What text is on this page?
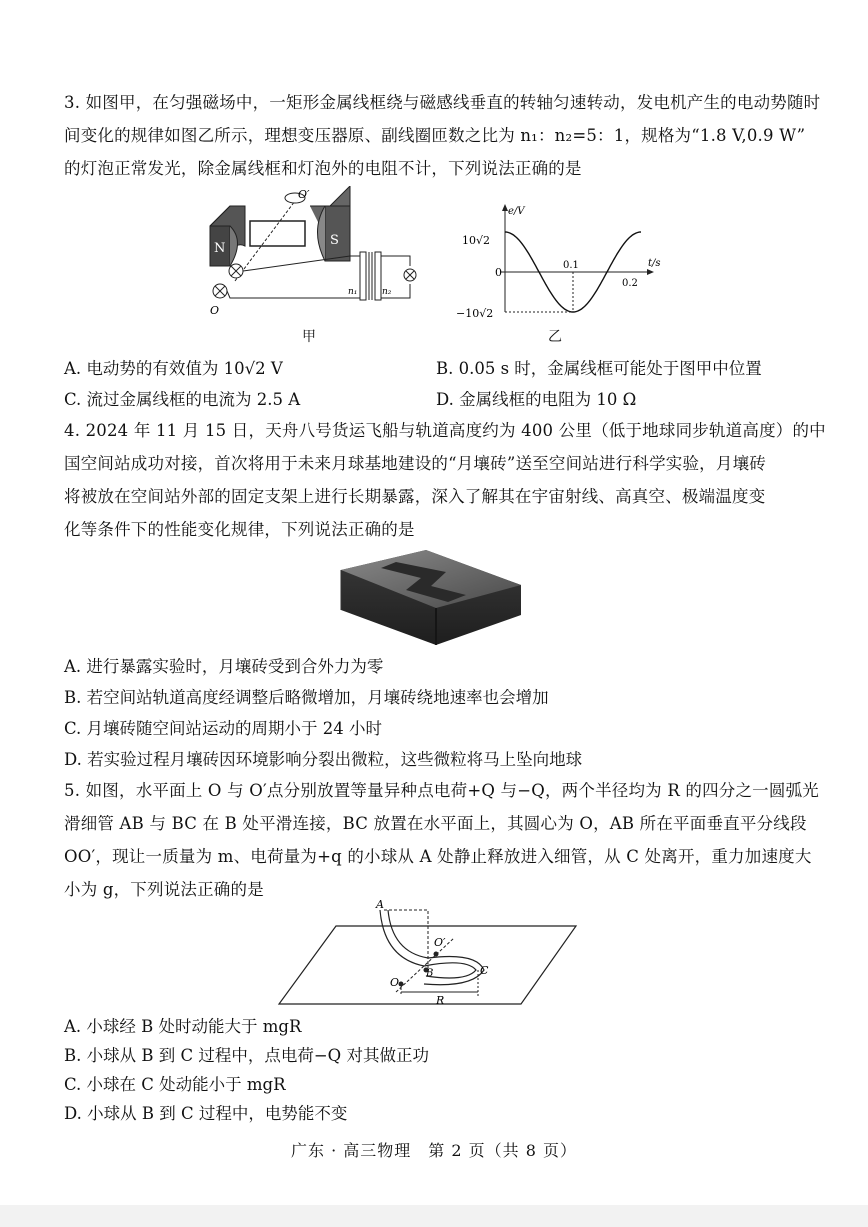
3. 如图甲，在匀强磁场中，一矩形金属线框绕与磁感线垂直的转轴匀速转动，发电机产生的电动势随时
间变化的规律如图乙所示，理想变压器原、副线圈匝数之比为 n₁：n₂=5：1，规格为“1.8 V,0.9 W”
的灯泡正常发光，除金属线框和灯泡外的电阻不计，下列说法正确的是
N
S
O′
O
n₁	n₂
甲
e/V
t/s
10√2
−10√2
0
0.1
0.2
乙
A. 电动势的有效值为 10√2 V	B. 0.05 s 时，金属线框可能处于图甲中位置
C. 流过金属线框的电流为 2.5 A	D. 金属线框的电阻为 10 Ω
4. 2024 年 11 月 15 日，天舟八号货运飞船与轨道高度约为 400 公里（低于地球同步轨道高度）的中
国空间站成功对接，首次将用于未来月球基地建设的“月壤砖”送至空间站进行科学实验，月壤砖
将被放在空间站外部的固定支架上进行长期暴露，深入了解其在宇宙射线、高真空、极端温度变
化等条件下的性能变化规律，下列说法正确的是
A. 进行暴露实验时，月壤砖受到合外力为零
B. 若空间站轨道高度经调整后略微增加，月壤砖绕地速率也会增加
C. 月壤砖随空间站运动的周期小于 24 小时
D. 若实验过程月壤砖因环境影响分裂出微粒，这些微粒将马上坠向地球
5. 如图，水平面上 O 与 O′点分别放置等量异种点电荷+Q 与−Q，两个半径均为 R 的四分之一圆弧光
滑细管 AB 与 BC 在 B 处平滑连接，BC 放置在水平面上，其圆心为 O，AB 所在平面垂直平分线段
OO′，现让一质量为 m、电荷量为+q 的小球从 A 处静止释放进入细管，从 C 处离开，重力加速度大
小为 g，下列说法正确的是
A
B	C
O
O′
R
A. 小球经 B 处时动能大于 mgR
B. 小球从 B 到 C 过程中，点电荷−Q 对其做正功
C. 小球在 C 处动能小于 mgR
D. 小球从 B 到 C 过程中，电势能不变
广东 · 高三物理　第 2 页（共 8 页）
